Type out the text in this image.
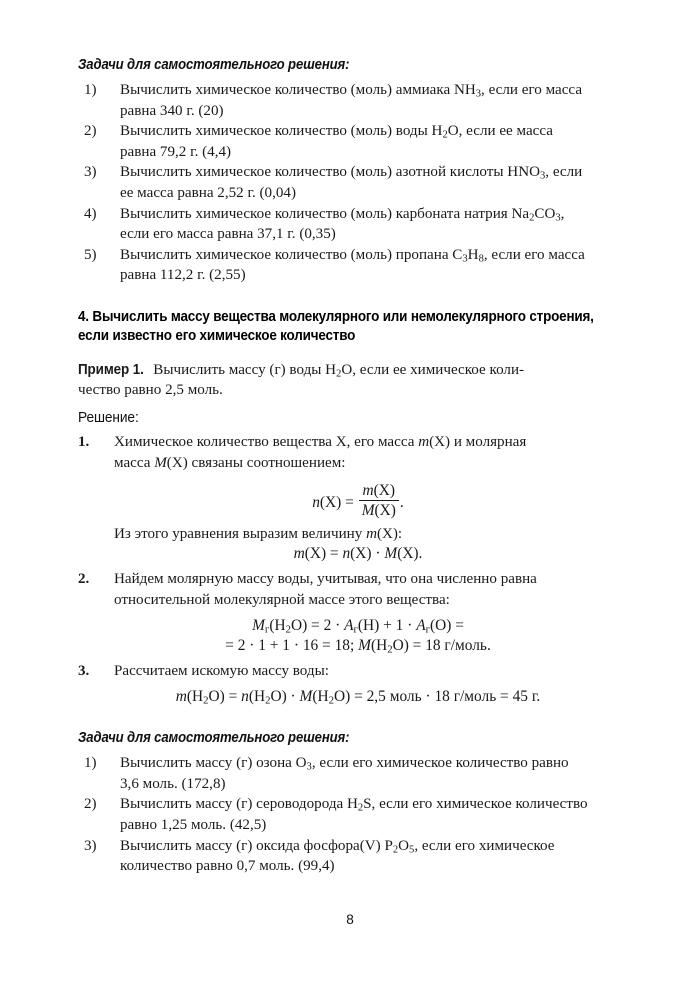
Задачи для самостоятельного решения:
1)	Вычислить химическое количество (моль) аммиака $NH_3$, если его масса
равна 340 г. (20)
2)	Вычислить химическое количество (моль) воды $H_2O$, если ее масса
равна 79,2 г. (4,4)
3)	Вычислить химическое количество (моль) азотной кислоты $HNO_3$, если
ее масса равна 2,52 г. (0,04)
4)	Вычислить химическое количество (моль) карбоната натрия $Na_2CO_3$,
если его масса равна 37,1 г. (0,35)
5)	Вычислить химическое количество (моль) пропана $C_3H_8$, если его масса
равна 112,2 г. (2,55)
4. Вычислить массу вещества молекулярного или немолекулярного строения,
если известно его химическое количество
Пример 1. Вычислить массу (г) воды $H_2O$, если ее химическое коли-
чество равно 2,5 моль.
Решение:
1.	Химическое количество вещества X, его масса m(X) и молярная
масса M(X) связаны соотношением:
$n(X) = \frac{m(X)}{M(X)}$ .
Из этого уравнения выразим величину m(X):
m(X) = n(X) · M(X).
2.	Найдем молярную массу воды, учитывая, что она численно равна
относительной молекулярной массе этого вещества:
$M_г(H_2O) = 2 \cdot A_г(H) + 1 \cdot A_г(O)$ =
= 2 · 1 + 1 · 16 = 18; $M(H_2O) = 18$ г/моль.
3.	Рассчитаем искомую массу воды:
$m(H_2O) = n(H_2O) \cdot M(H_2O) = 2,5$ моль · 18 г/моль = 45 г.
Задачи для самостоятельного решения:
1)	Вычислить массу (г) озона $O_3$, если его химическое количество равно
3,6 моль. (172,8)
2)	Вычислить массу (г) сероводорода $H_2S$, если его химическое количество
равно 1,25 моль. (42,5)
3)	Вычислить массу (г) оксида фосфора(V) $P_2O_5$, если его химическое
количество равно 0,7 моль. (99,4)
8
